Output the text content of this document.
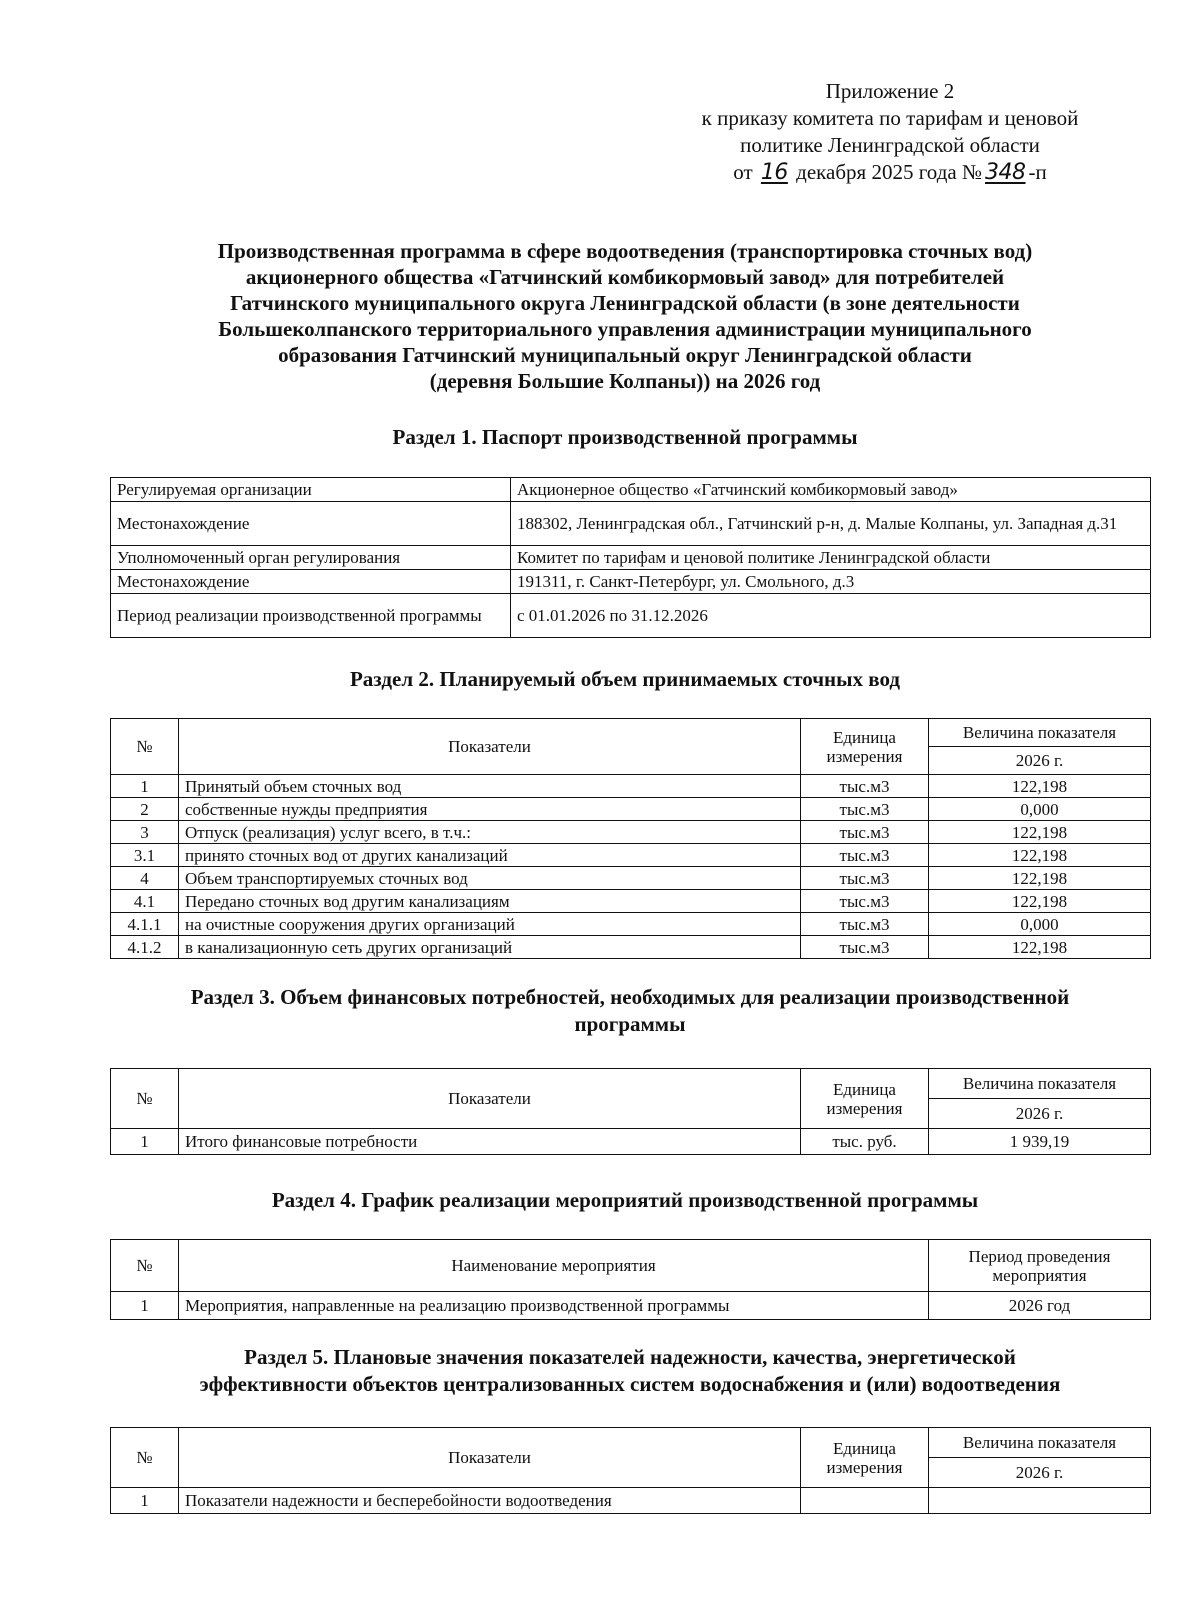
Приложение 2
к приказу комитета по тарифам и ценовой
политике Ленинградской области
от 16 декабря 2025 года № 348 -п
Производственная программа в сфере водоотведения (транспортировка сточных вод)
акционерного общества «Гатчинский комбикормовый завод» для потребителей
Гатчинского муниципального округа Ленинградской области (в зоне деятельности
Большеколпанского территориального управления администрации муниципального
образования Гатчинский муниципальный округ Ленинградской области
(деревня Большие Колпаны)) на 2026 год
Раздел 1. Паспорт производственной программы
Регулируемая организации	Акционерное общество «Гатчинский комбикормовый завод»
Местонахождение	188302, Ленинградская обл., Гатчинский р-н, д. Малые Колпаны, ул. Западная д.31
Уполномоченный орган регулирования	Комитет по тарифам и ценовой политике Ленинградской области
Местонахождение	191311, г. Санкт-Петербург, ул. Смольного, д.3
Период реализации производственной программы	с 01.01.2026 по 31.12.2026
Раздел 2. Планируемый объем принимаемых сточных вод
№	Показатели	Единица измерения	Величина показателя
			2026 г.
1	Принятый объем сточных вод	тыс.м3	122,198
2	собственные нужды предприятия	тыс.м3	0,000
3	Отпуск (реализация) услуг всего, в т.ч.:	тыс.м3	122,198
3.1	принято сточных вод от других канализаций	тыс.м3	122,198
4	Объем транспортируемых сточных вод	тыс.м3	122,198
4.1	Передано сточных вод другим канализациям	тыс.м3	122,198
4.1.1	на очистные сооружения других организаций	тыс.м3	0,000
4.1.2	в канализационную сеть других организаций	тыс.м3	122,198
Раздел 3. Объем финансовых потребностей, необходимых для реализации производственной
программы
№	Показатели	Единица измерения	Величина показателя
			2026 г.
1	Итого финансовые потребности	тыс. руб.	1 939,19
Раздел 4. График реализации мероприятий производственной программы
№	Наименование мероприятия	Период проведения мероприятия
1	Мероприятия, направленные на реализацию производственной программы	2026 год
Раздел 5. Плановые значения показателей надежности, качества, энергетической
эффективности объектов централизованных систем водоснабжения и (или) водоотведения
№	Показатели	Единица измерения	Величина показателя
			2026 г.
1	Показатели надежности и бесперебойности водоотведения		
